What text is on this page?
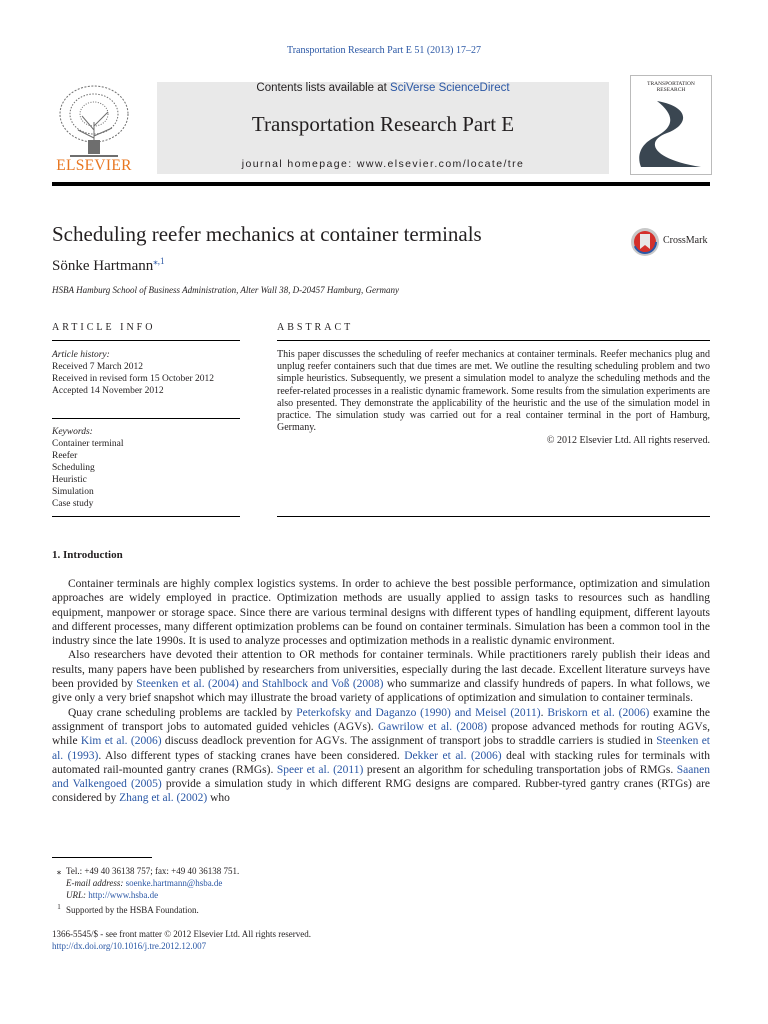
Transportation Research Part E 51 (2013) 17–27
ELSEVIER
Contents lists available at SciVerse ScienceDirect
Transportation Research Part E
journal homepage: www.elsevier.com/locate/tre
TRANSPORTATION
RESEARCH
Scheduling reefer mechanics at container terminals	CrossMark
Sönke Hartmann$^{⁎,1}$
HSBA Hamburg School of Business Administration, Alter Wall 38, D-20457 Hamburg, Germany
ARTICLE INFO	ABSTRACT
Article history:
Received 7 March 2012
Received in revised form 15 October 2012
Accepted 14 November 2012
Keywords:
Container terminal
Reefer
Scheduling
Heuristic
Simulation
Case study
This paper discusses the scheduling of reefer mechanics at container terminals. Reefer mechanics plug and unplug reefer containers such that due times are met. We outline the resulting scheduling problem and two simple heuristics. Subsequently, we present a simulation model to analyze the scheduling methods and the reefer-related processes in a realistic dynamic framework. Some results from the simulation experiments are also presented. They demonstrate the applicability of the heuristic and the use of the simulation model in practice. The simulation study was carried out for a real container terminal in the port of Hamburg, Germany.
© 2012 Elsevier Ltd. All rights reserved.
1. Introduction

Container terminals are highly complex logistics systems. In order to achieve the best possible performance, optimization and simulation approaches are widely employed in practice. Optimization methods are usually applied to assign tasks to resources such as handling equipment, manpower or storage space. Since there are various terminal designs with different types of handling equipment, different layouts and different processes, many different optimization problems can be found on container terminals. Simulation has been a common tool in the industry since the late 1990s. It is used to analyze processes and optimization methods in a realistic dynamic environment.

Also researchers have devoted their attention to OR methods for container terminals. While practitioners rarely publish their ideas and results, many papers have been published by researchers from universities, especially during the last decade. Excellent literature surveys have been provided by Steenken et al. (2004) and Stahlbock and Voß (2008) who summarize and classify hundreds of papers. In what follows, we give only a very brief snapshot which may illustrate the broad variety of applications of optimization and simulation to container terminals.

Quay crane scheduling problems are tackled by Peterkofsky and Daganzo (1990) and Meisel (2011). Briskorn et al. (2006) examine the assignment of transport jobs to automated guided vehicles (AGVs). Gawrilow et al. (2008) propose advanced methods for routing AGVs, while Kim et al. (2006) discuss deadlock prevention for AGVs. The assignment of transport jobs to straddle carriers is studied in Steenken et al. (1993). Also different types of stacking cranes have been considered. Dekker et al. (2006) deal with stacking rules for terminals with automated rail-mounted gantry cranes (RMGs). Speer et al. (2011) present an algorithm for scheduling transportation jobs of RMGs. Saanen and Valkengoed (2005) provide a simulation study in which different RMG designs are compared. Rubber-tyred gantry cranes (RTGs) are considered by Zhang et al. (2002) who

⁎ Tel.: +49 40 36138 757; fax: +49 40 36138 751.
E-mail address: soenke.hartmann@hsba.de
URL: http://www.hsba.de
$^1$ Supported by the HSBA Foundation.
1366-5545/$ - see front matter © 2012 Elsevier Ltd. All rights reserved.
http://dx.doi.org/10.1016/j.tre.2012.12.007
